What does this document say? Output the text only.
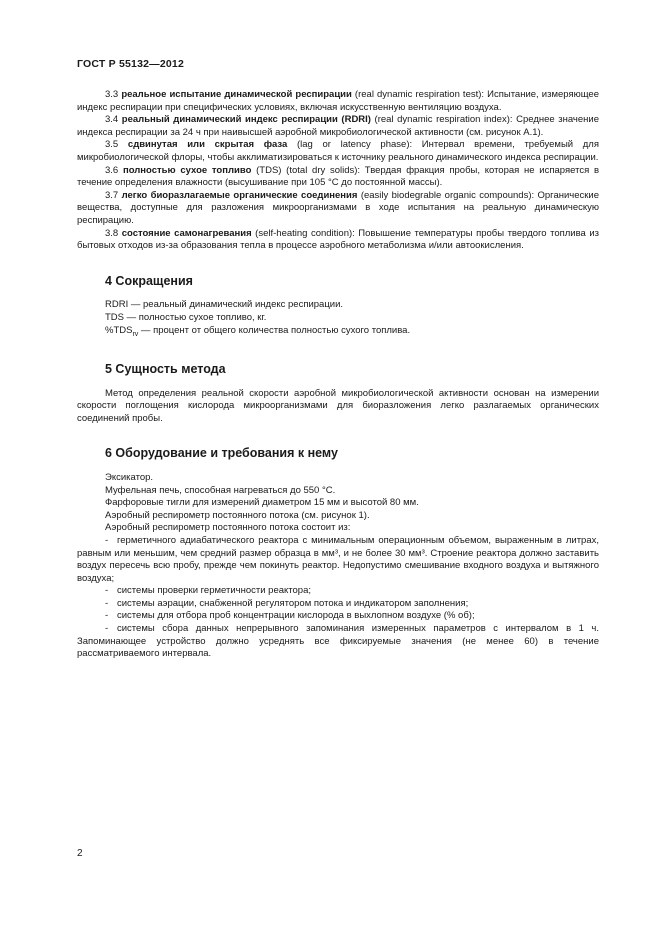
ГОСТ Р 55132—2012

3.3 реальное испытание динамической респирации (real dynamic respiration test): Испытание, измеряющее индекс респирации при специфических условиях, включая искусственную вентиляцию воздуха.

3.4 реальный динамический индекс респирации (RDRI) (real dynamic respiration index): Среднее значение индекса респирации за 24 ч при наивысшей аэробной микробиологической активности (см. рисунок А.1).

3.5 сдвинутая или скрытая фаза (lag or latency phase): Интервал времени, требуемый для микробиологической флоры, чтобы акклиматизироваться к источнику реального динамического индекса респирации.

3.6 полностью сухое топливо (TDS) (total dry solids): Твердая фракция пробы, которая не испаряется в течение определения влажности (высушивание при 105 °С до постоянной массы).

3.7 легко биоразлагаемые органические соединения (easily biodegrable organic compounds): Органические вещества, доступные для разложения микроорганизмами в ходе испытания на реальную динамическую респирацию.

3.8 состояние самонагревания (self-heating condition): Повышение температуры пробы твердого топлива из бытовых отходов из-за образования тепла в процессе аэробного метаболизма и/или автоокисления.

4 Сокращения

RDRI — реальный динамический индекс респирации.

TDS — полностью сухое топливо, кг.

$\%TDS_{rv}$ — процент от общего количества полностью сухого топлива.

5 Сущность метода

Метод определения реальной скорости аэробной микробиологической активности основан на измерении скорости поглощения кислорода микроорганизмами для биоразложения легко разлагаемых органических соединений пробы.

6 Оборудование и требования к нему

Эксикатор.

Муфельная печь, способная нагреваться до 550 °С.

Фарфоровые тигли для измерений диаметром 15 мм и высотой 80 мм.

Аэробный респирометр постоянного потока (см. рисунок 1).

Аэробный респирометр постоянного потока состоит из:

- герметичного адиабатического реактора с минимальным операционным объемом, выраженным в литрах, равным или меньшим, чем средний размер образца в мм³, и не более 30 мм³. Строение реактора должно заставить воздух пересечь всю пробу, прежде чем покинуть реактор. Недопустимо смешивание входного воздуха и вытяжного воздуха;

- системы проверки герметичности реактора;

- системы аэрации, снабженной регулятором потока и индикатором заполнения;

- системы для отбора проб концентрации кислорода в выхлопном воздухе (% об);

- системы сбора данных непрерывного запоминания измеренных параметров с интервалом в 1 ч. Запоминающее устройство должно усреднять все фиксируемые значения (не менее 60) в течение рассматриваемого интервала.

2
